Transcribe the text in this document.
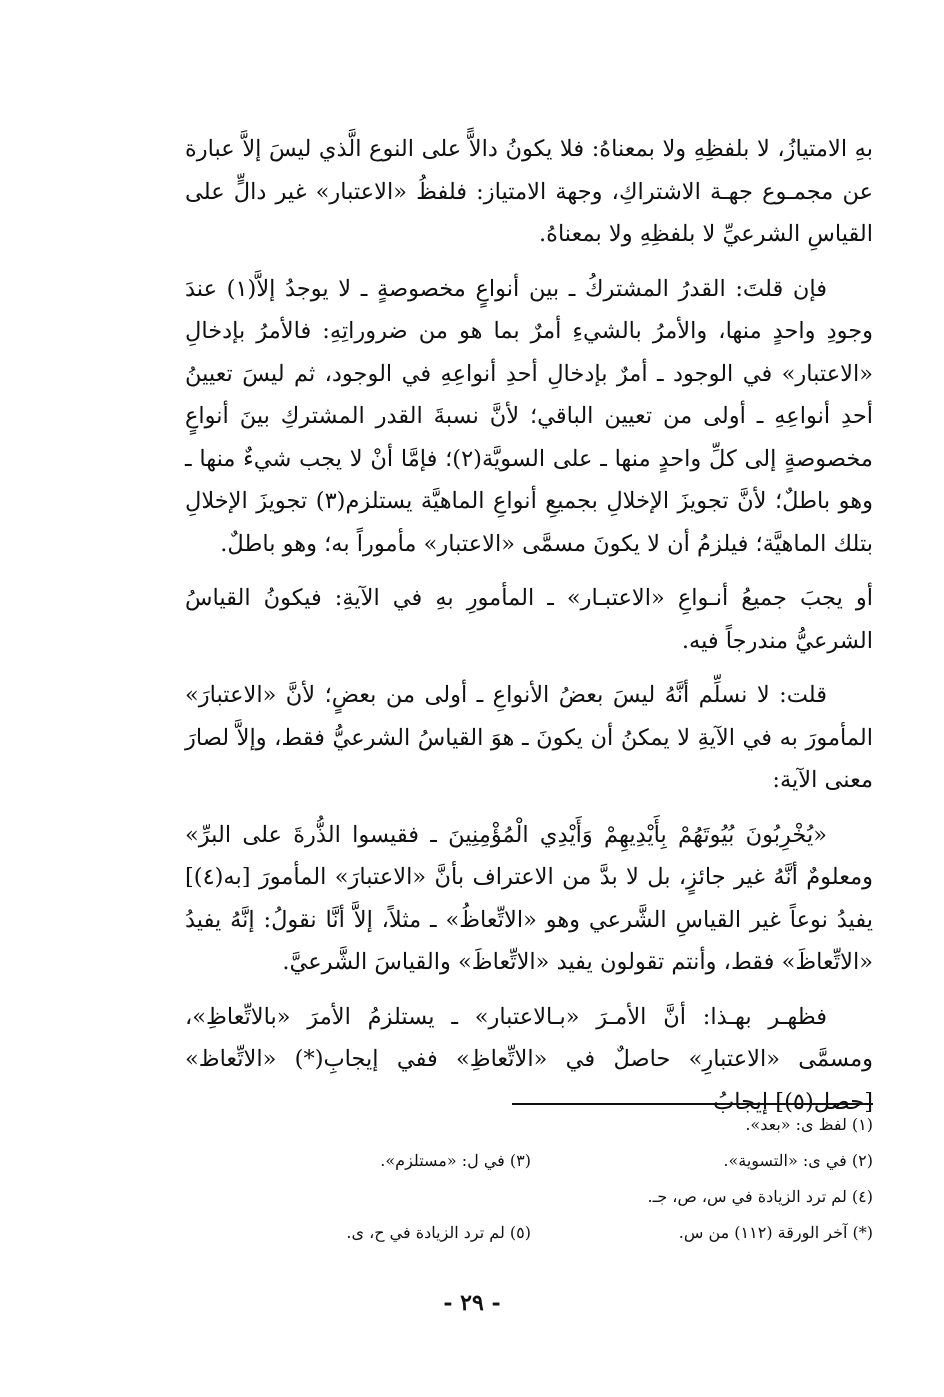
بهِ الامتيازُ، لا بلفظِهِ ولا بمعناهُ: فلا يكونُ دالاًّ على النوع الَّذي ليسَ إلاَّ عبارة عن مجمـوع جهـة الاشتراكِ، وجهة الامتياز: فلفظُ «الاعتبار» غير دالٍّ على القياسِ الشرعيِّ لا بلفظِهِ ولا بمعناهُ.

فإن قلتَ: القدرُ المشتركُ ـ بين أنواعٍ مخصوصةٍ ـ لا يوجدُ إلاَّ(١) عندَ وجودِ واحدٍ منها، والأمرُ بالشيءِ أمرٌ بما هو من ضروراتِهِ: فالأمرُ بإدخالِ «الاعتبار» في الوجود ـ أمرٌ بإدخالِ أحدِ أنواعِهِ في الوجود، ثم ليسَ تعيينُ أحدِ أنواعِهِ ـ أولى من تعيين الباقي؛ لأنَّ نسبةَ القدر المشتركِ بينَ أنواعٍ مخصوصةٍ إلى كلِّ واحدٍ منها ـ على السويَّة(٢)؛ فإمَّا أنْ لا يجب شيءٌ منها ـ وهو باطلٌ؛ لأنَّ تجويزَ الإخلالِ بجميعِ أنواعِ الماهيَّة يستلزم(٣) تجويزَ الإخلالِ بتلك الماهيَّة؛ فيلزمُ أن لا يكونَ مسمَّى «الاعتبار» مأموراً به؛ وهو باطلٌ.

أو يجبَ جميعُ أنـواعِ «الاعتبـار» ـ المأمورِ بهِ في الآيةِ: فيكونُ القياسُ الشرعيُّ مندرجاً فيه.

قلت: لا نسلِّم أنَّهُ ليسَ بعضُ الأنواعِ ـ أولى من بعضٍ؛ لأنَّ «الاعتبارَ» المأمورَ به في الآيةِ لا يمكنُ أن يكونَ ـ هوَ القياسُ الشرعيُّ فقط، وإلاَّ لصارَ معنى الآية:

«يُخْرِبُونَ بُيُوتَهُمْ بِأَيْدِيهِمْ وَأَيْدِي الْمُؤْمِنِينَ ـ فقيسوا الذُّرةَ على البرِّ» ومعلومٌ أنَّهُ غير جائزٍ، بل لا بدَّ من الاعتراف بأنَّ «الاعتبارَ» المأمورَ [به(٤)] يفيدُ نوعاً غير القياسِ الشَّرعي وهو «الاتِّعاظُ» ـ مثلاً، إلاَّ أنَّا نقولُ: إنَّهُ يفيدُ «الاتِّعاظَ» فقط، وأنتم تقولون يفيد «الاتِّعاظَ» والقياسَ الشَّرعيَّ.

فظهـر بهـذا: أنَّ الأمـرَ «بـالاعتبار» ـ يستلزمُ الأمرَ «بالاتِّعاظِ»، ومسمَّى «الاعتبارِ» حاصلٌ في «الاتِّعاظِ» ففي إيجابِ(*) «الاتِّعاظ» [حصل(٥)] إيجابُ

(١) لفظ ى: «بعد».
(٢) في ى: «التسوية».
(٣) في ل: «مستلزم».
(٤) لم ترد الزيادة في س، ص، جـ.
(*) آخر الورقة (١١٢) من س.
(٥) لم ترد الزيادة في ح، ى.
- ٢٩ -
